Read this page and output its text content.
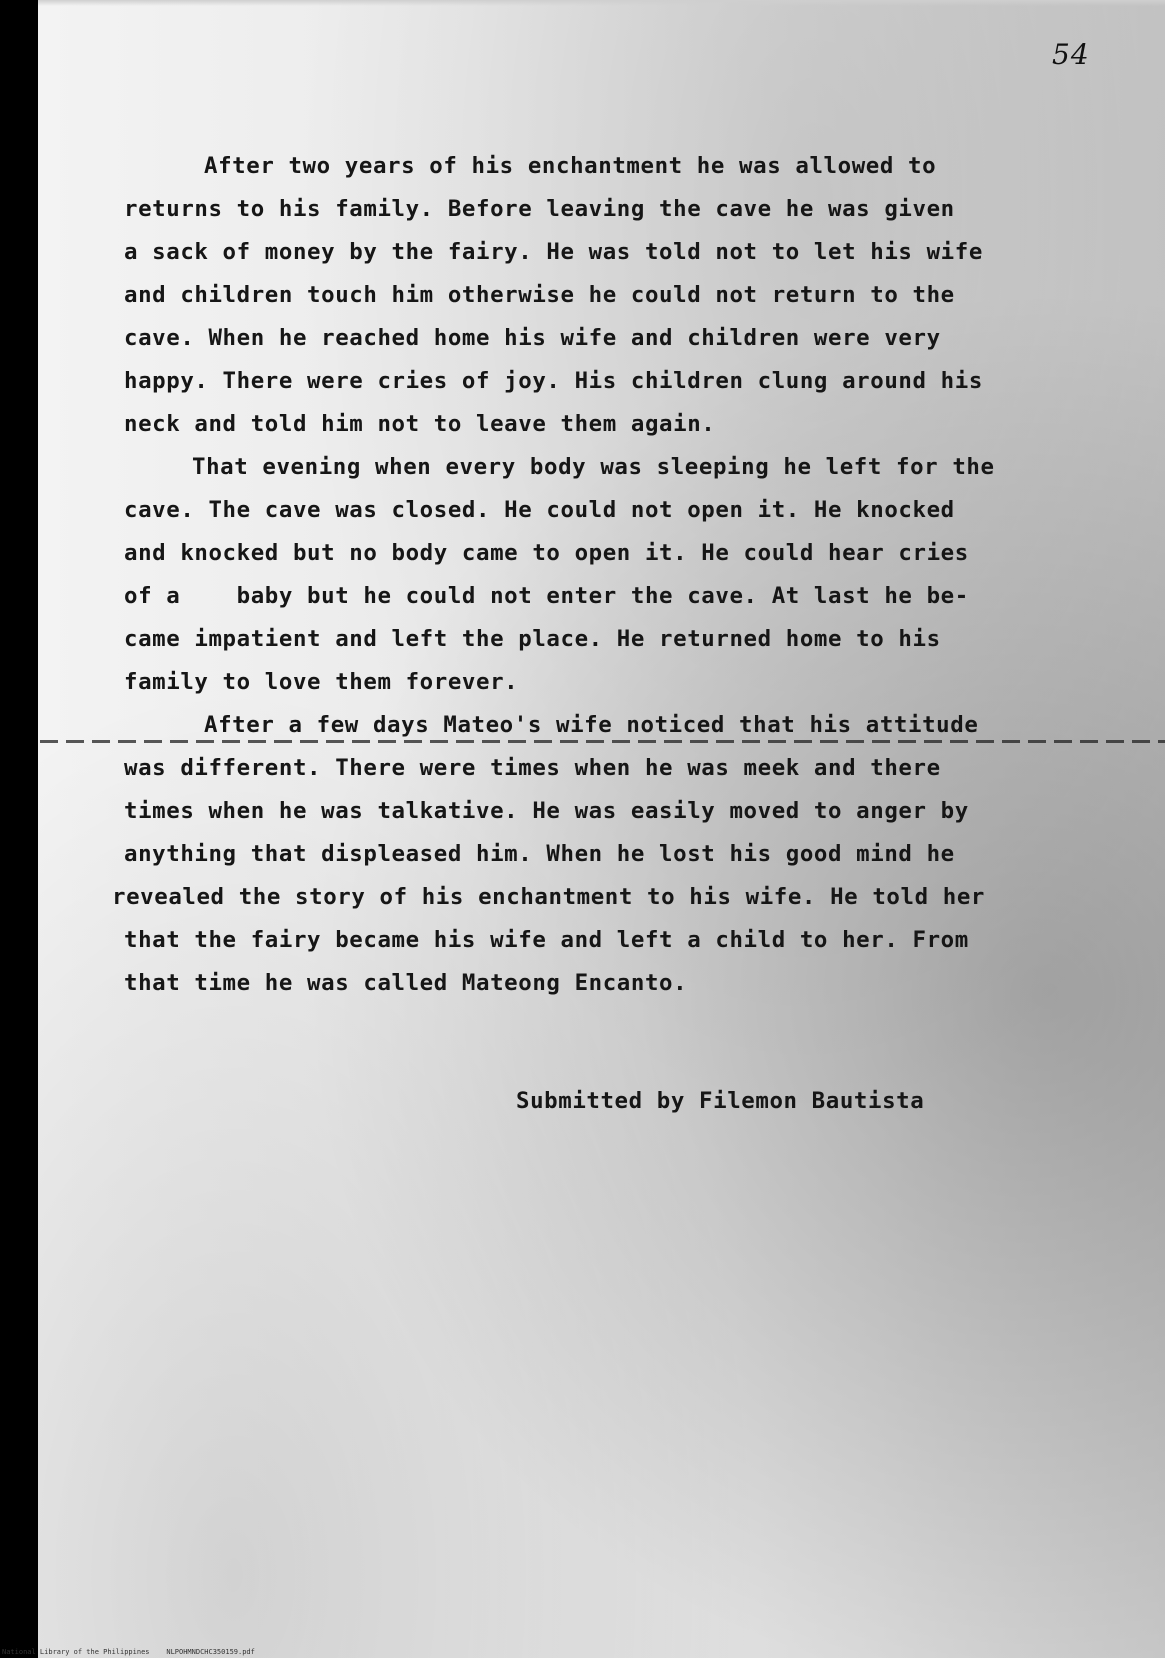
54
After two years of his enchantment he was allowed to
returns to his family. Before leaving the cave he was given
a sack of money by the fairy. He was told not to let his wife
and children touch him otherwise he could not return to the
cave. When he reached home his wife and children were very
happy. There were cries of joy. His children clung around his
neck and told him not to leave them again.
That evening when every body was sleeping he left for the
cave. The cave was closed. He could not open it. He knocked
and knocked but no body came to open it. He could hear cries
of a    baby but he could not enter the cave. At last he be-
came impatient and left the place. He returned home to his
family to love them forever.
After a few days Mateo's wife noticed that his attitude
was different. There were times when he was meek and there
times when he was talkative. He was easily moved to anger by
anything that displeased him. When he lost his good mind he
revealed the story of his enchantment to his wife. He told her
that the fairy became his wife and left a child to her. From
that time he was called Mateong Encanto.
Submitted by Filemon Bautista
National Library of the Philippines    NLPOHMNDCHC350159.pdf
